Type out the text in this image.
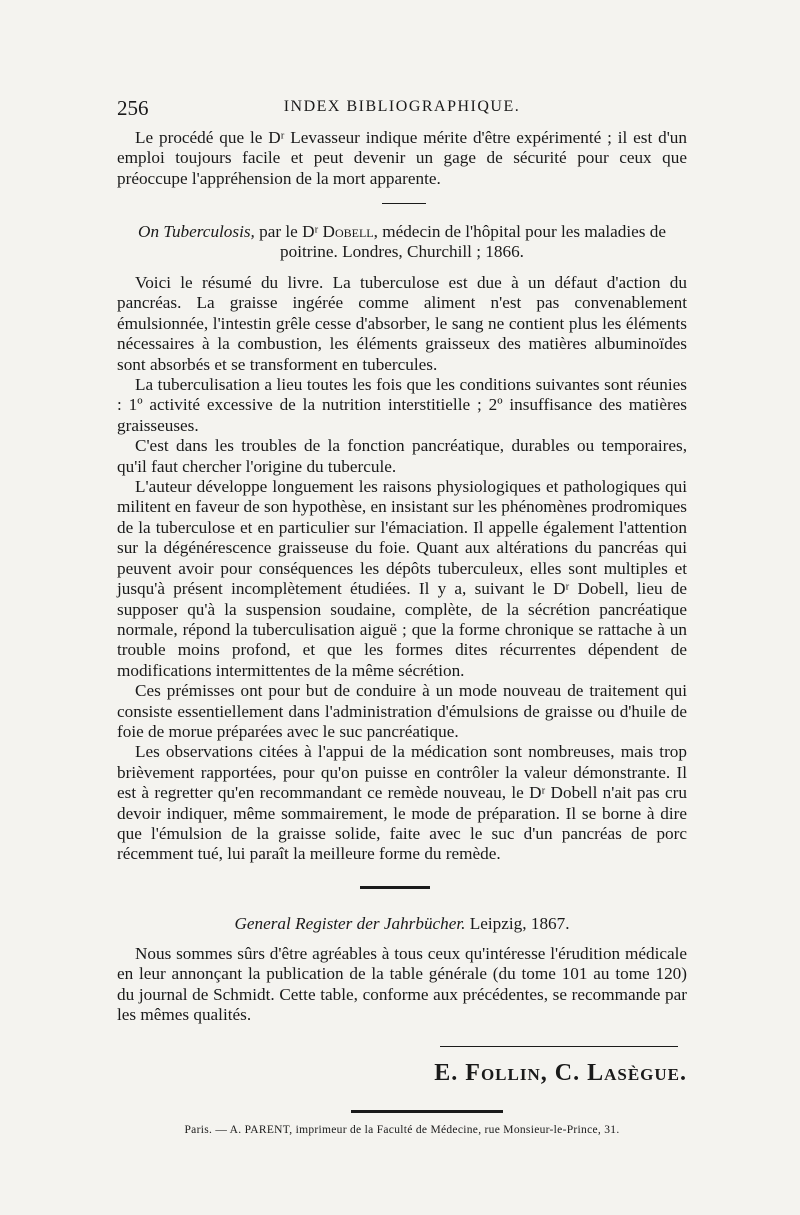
256	INDEX BIBLIOGRAPHIQUE.

Le procédé que le Dʳ Levasseur indique mérite d'être expérimenté ; il est d'un emploi toujours facile et peut devenir un gage de sécurité pour ceux que préoccupe l'appréhension de la mort apparente.

On Tuberculosis, par le Dʳ Dobell, médecin de l'hôpital pour les maladies de poitrine. Londres, Churchill ; 1866.

Voici le résumé du livre. La tuberculose est due à un défaut d'action du pancréas. La graisse ingérée comme aliment n'est pas convenablement émulsionnée, l'intestin grêle cesse d'absorber, le sang ne contient plus les éléments nécessaires à la combustion, les éléments graisseux des matières albuminoïdes sont absorbés et se transforment en tubercules.

La tuberculisation a lieu toutes les fois que les conditions suivantes sont réunies : 1º activité excessive de la nutrition interstitielle ; 2º insuffisance des matières graisseuses.

C'est dans les troubles de la fonction pancréatique, durables ou temporaires, qu'il faut chercher l'origine du tubercule.

L'auteur développe longuement les raisons physiologiques et pathologiques qui militent en faveur de son hypothèse, en insistant sur les phénomènes prodromiques de la tuberculose et en particulier sur l'émaciation. Il appelle également l'attention sur la dégénérescence graisseuse du foie. Quant aux altérations du pancréas qui peuvent avoir pour conséquences les dépôts tuberculeux, elles sont multiples et jusqu'à présent incomplètement étudiées. Il y a, suivant le Dʳ Dobell, lieu de supposer qu'à la suspension soudaine, complète, de la sécrétion pancréatique normale, répond la tuberculisation aiguë ; que la forme chronique se rattache à un trouble moins profond, et que les formes dites récurrentes dépendent de modifications intermittentes de la même sécrétion.

Ces prémisses ont pour but de conduire à un mode nouveau de traitement qui consiste essentiellement dans l'administration d'émulsions de graisse ou d'huile de foie de morue préparées avec le suc pancréatique.

Les observations citées à l'appui de la médication sont nombreuses, mais trop brièvement rapportées, pour qu'on puisse en contrôler la valeur démonstrante. Il est à regretter qu'en recommandant ce remède nouveau, le Dʳ Dobell n'ait pas cru devoir indiquer, même sommairement, le mode de préparation. Il se borne à dire que l'émulsion de la graisse solide, faite avec le suc d'un pancréas de porc récemment tué, lui paraît la meilleure forme du remède.

General Register der Jahrbücher. Leipzig, 1867.

Nous sommes sûrs d'être agréables à tous ceux qu'intéresse l'érudition médicale en leur annonçant la publication de la table générale (du tome 101 au tome 120) du journal de Schmidt. Cette table, conforme aux précédentes, se recommande par les mêmes qualités.

E. Follin, C. Lasègue.
Paris. — A. PARENT, imprimeur de la Faculté de Médecine, rue Monsieur-le-Prince, 31.
